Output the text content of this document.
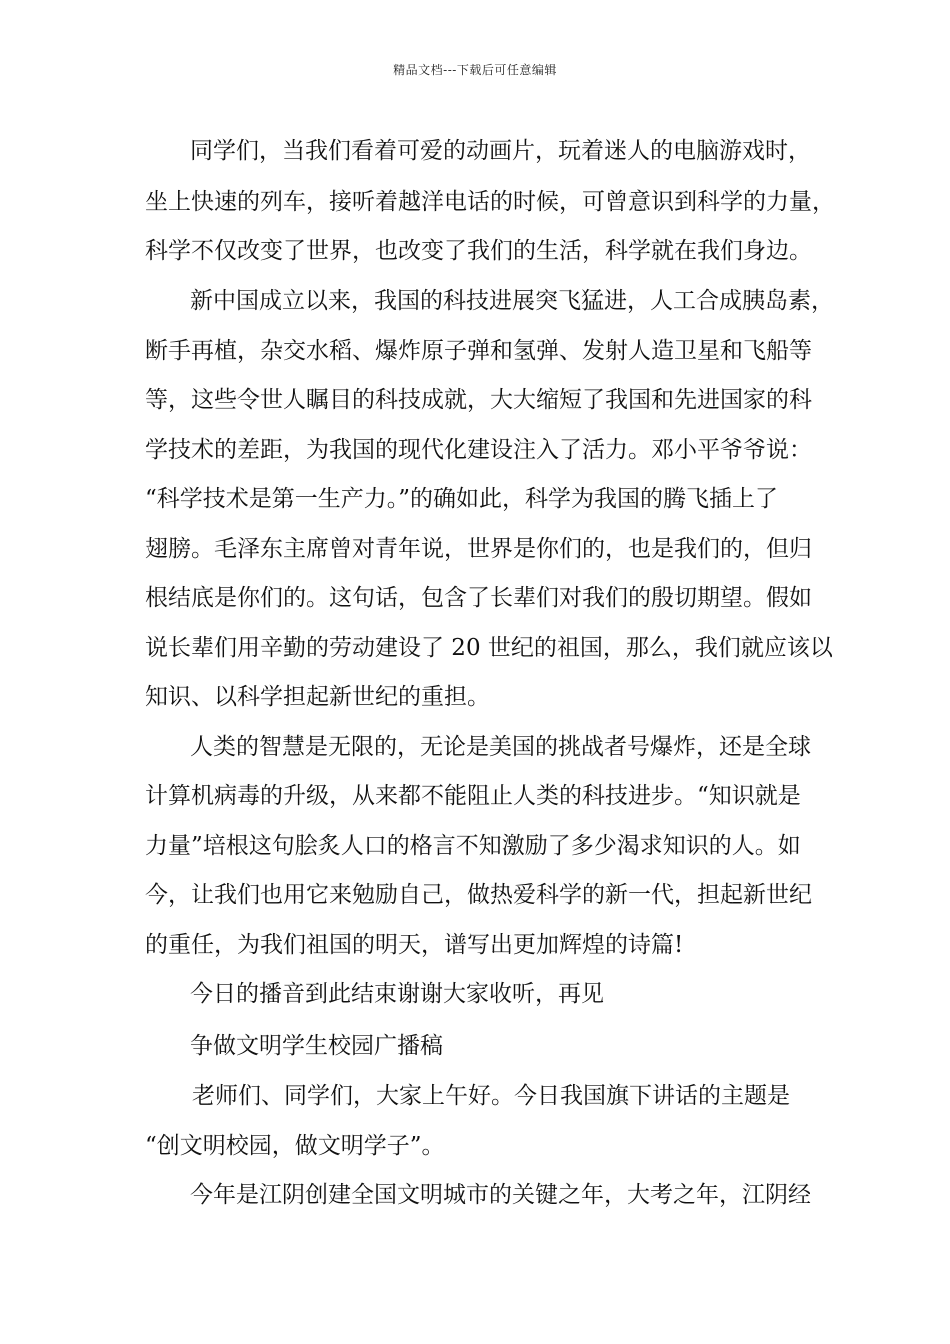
精品文档---下载后可任意编辑
同学们，当我们看着可爱的动画片，玩着迷人的电脑游戏时，
坐上快速的列车，接听着越洋电话的时候，可曾意识到科学的力量，
科学不仅改变了世界，也改变了我们的生活，科学就在我们身边。
新中国成立以来，我国的科技进展突飞猛进，人工合成胰岛素，
断手再植，杂交水稻、爆炸原子弹和氢弹、发射人造卫星和飞船等
等，这些令世人瞩目的科技成就，大大缩短了我国和先进国家的科
学技术的差距，为我国的现代化建设注入了活力。邓小平爷爷说：
“科学技术是第一生产力。”的确如此，科学为我国的腾飞插上了
翅膀。毛泽东主席曾对青年说，世界是你们的，也是我们的，但归
根结底是你们的。这句话，包含了长辈们对我们的殷切期望。假如
说长辈们用辛勤的劳动建设了 20 世纪的祖国，那么，我们就应该以
知识、以科学担起新世纪的重担。
人类的智慧是无限的，无论是美国的挑战者号爆炸，还是全球
计算机病毒的升级，从来都不能阻止人类的科技进步。“知识就是
力量”培根这句脍炙人口的格言不知激励了多少渴求知识的人。如
今，让我们也用它来勉励自己，做热爱科学的新一代，担起新世纪
的重任，为我们祖国的明天，谱写出更加辉煌的诗篇!
今日的播音到此结束谢谢大家收听，再见
争做文明学生校园广播稿
老师们、同学们，大家上午好。今日我国旗下讲话的主题是
“创文明校园，做文明学子”。
今年是江阴创建全国文明城市的关键之年，大考之年，江阴经
